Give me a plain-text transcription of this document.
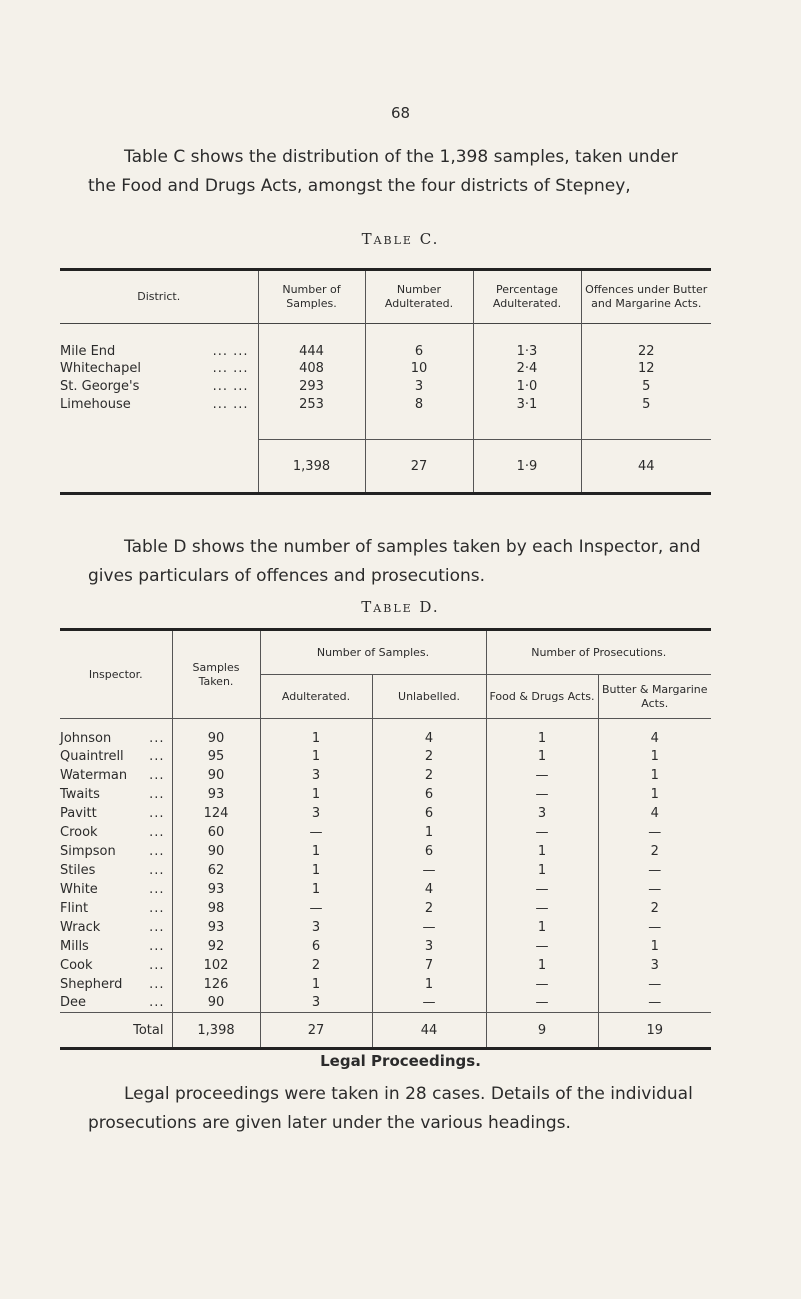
68

Table C shows the distribution of the 1,398 samples, taken under the Food and Drugs Acts, amongst the four districts of Stepney,

Table C.
District.	Number of Samples.	Number Adulterated.	Percentage Adulterated.	Offences under Butter and Margarine Acts.
Mile End ... ...	444	6	1·3	22
Whitechapel ... ...	408	10	2·4	12
St. George's ... ...	293	3	1·0	5
Limehouse ... ...	253	8	3·1	5

	1,398	27	1·9	44

Table D shows the number of samples taken by each Inspector, and gives particulars of offences and prosecutions.

Table D.
Inspector.	Samples Taken.	Number of Samples.		Number of Prosecutions.	
		Adulterated.	Unlabelled.	Food & Drugs Acts.	Butter & Margarine Acts.
Johnson ...	90	1	4	1	4
Quaintrell ...	95	1	2	1	1
Waterman ...	90	3	2	—	1
Twaits ...	93	1	6	—	1
Pavitt ...	124	3	6	3	4
Crook ...	60	—	1	—	—
Simpson ...	90	1	6	1	2
Stiles ...	62	1	—	1	—
White ...	93	1	4	—	—
Flint ...	98	—	2	—	2
Wrack ...	93	3	—	1	—
Mills ...	92	6	3	—	1
Cook ...	102	2	7	1	3
Shepherd ...	126	1	1	—	—
Dee ...	90	3	—	—	—
Total	1,398	27	44	9	19
Legal Proceedings.

Legal proceedings were taken in 28 cases. Details of the individual prosecutions are given later under the various headings.
